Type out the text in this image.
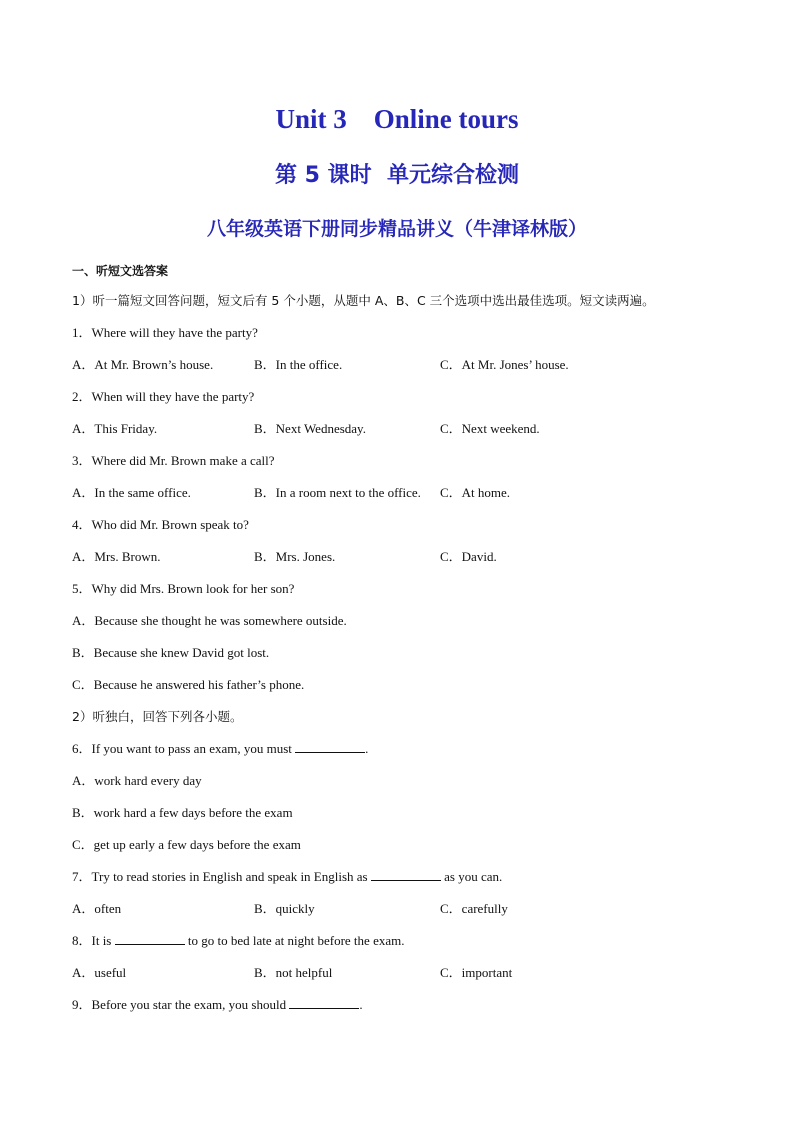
Unit 3    Online tours
第 5 课时  单元综合检测
八年级英语下册同步精品讲义（牛津译林版）
一、听短文选答案
1）听一篇短文回答问题，短文后有 5 个小题，从题中 A、B、C 三个选项中选出最佳选项。短文读两遍。
1．Where will they have the party?
A．At Mr. Brown’s house.	B．In the office.	C．At Mr. Jones’ house.
2．When will they have the party?
A．This Friday.	B．Next Wednesday.	C．Next weekend.
3．Where did Mr. Brown make a call?
A．In the same office.	B．In a room next to the office. C．At home.
4．Who did Mr. Brown speak to?
A．Mrs. Brown.	B．Mrs. Jones.	C．David.
5．Why did Mrs. Brown look for her son?
A．Because she thought he was somewhere outside.
B．Because she knew David got lost.
C．Because he answered his father’s phone.
2）听独白，回答下列各小题。
6．If you want to pass an exam, you must	.
A．work hard every day
B．work hard a few days before the exam
C．get up early a few days before the exam
7．Try to read stories in English and speak in English as	as you can.
A．often	B．quickly	C．carefully
8．It is	to go to bed late at night before the exam.
A．useful	B．not helpful	C．important
9．Before you star the exam, you should	.
